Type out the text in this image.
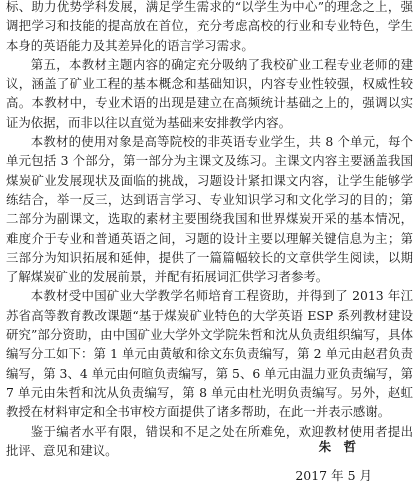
标、助力优势学科发展，满足学生需求的“以学生为中心”的理念之上，强调把学习和技能的提高放在首位，充分考虑高校的行业和专业特色，学生本身的英语能力及其差异化的语言学习需求。

第五，本教材主题内容的确定充分吸纳了我校矿业工程专业老师的建议，涵盖了矿业工程的基本概念和基础知识，内容专业性较强，权威性较高。本教材中，专业术语的出现是建立在高频统计基础之上的，强调以实证为依据，而非以往以直觉为基础来安排教学内容。

本教材的使用对象是高等院校的非英语专业学生，共 8 个单元，每个单元包括 3 个部分，第一部分为主课文及练习。主课文内容主要涵盖我国煤炭矿业发展现状及面临的挑战，习题设计紧扣课文内容，让学生能够学练结合，举一反三，达到语言学习、专业知识学习和文化学习的目的；第二部分为副课文，选取的素材主要围绕我国和世界煤炭开采的基本情况，难度介于专业和普通英语之间，习题的设计主要以理解关键信息为主；第三部分为知识拓展和延伸，提供了一篇篇幅较长的文章供学生阅读，以期了解煤炭矿业的发展前景，并配有拓展词汇供学习者参考。

本教材受中国矿业大学教学名师培育工程资助，并得到了 2013 年江苏省高等教育教改课题“基于煤炭矿业特色的大学英语 ESP 系列教材建设研究”部分资助，由中国矿业大学外文学院朱哲和沈从负责组织编写，具体编写分工如下：第 1 单元由黄敏和徐文东负责编写，第 2 单元由赵君负责编写，第 3、4 单元由何暄负责编写，第 5、6 单元由温力亚负责编写，第 7 单元由朱哲和沈从负责编写，第 8 单元由杜光明负责编写。另外，赵虹教授在材料审定和全书审校方面提供了诸多帮助，在此一并表示感谢。

鉴于编者水平有限，错误和不足之处在所难免，欢迎教材使用者提出批评、意见和建议。	朱 哲
2017 年 5 月
